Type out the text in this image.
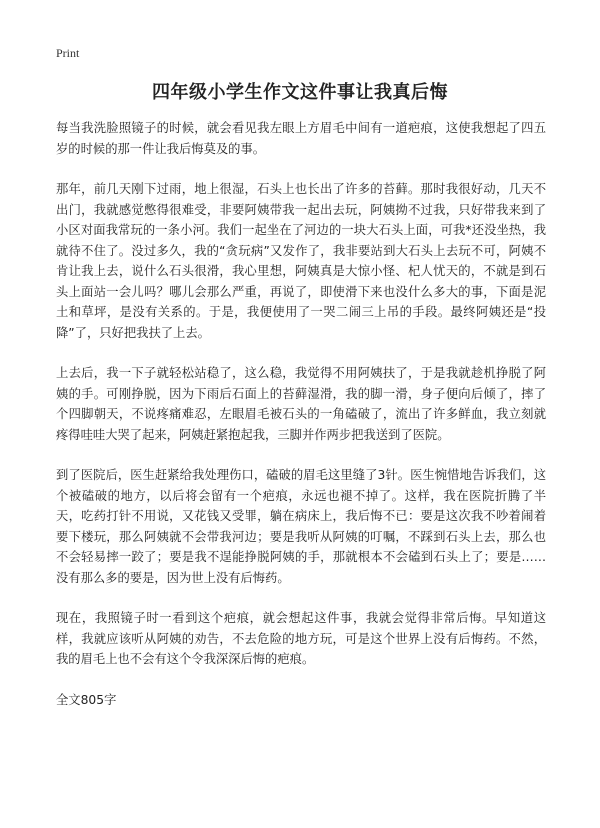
Print
四年级小学生作文这件事让我真后悔

每当我洗脸照镜子的时候，就会看见我左眼上方眉毛中间有一道疤痕，这使我想起了四五岁的时候的那一件让我后悔莫及的事。

那年，前几天刚下过雨，地上很湿，石头上也长出了许多的苔藓。那时我很好动，几天不出门，我就感觉憋得很难受，非要阿姨带我一起出去玩，阿姨拗不过我，只好带我来到了小区对面我常玩的一条小河。我们一起坐在了河边的一块大石头上面，可我*还没坐热，我就待不住了。没过多久，我的“贪玩病”又发作了，我非要站到大石头上去玩不可，阿姨不肯让我上去，说什么石头很滑，我心里想，阿姨真是大惊小怪、杞人忧天的，不就是到石头上面站一会儿吗？哪儿会那么严重，再说了，即使滑下来也没什么多大的事，下面是泥土和草坪，是没有关系的。于是，我便使用了一哭二闹三上吊的手段。最终阿姨还是“投降”了，只好把我扶了上去。

上去后，我一下子就轻松站稳了，这么稳，我觉得不用阿姨扶了，于是我就趁机挣脱了阿姨的手。可刚挣脱，因为下雨后石面上的苔藓湿滑，我的脚一滑，身子便向后倾了，摔了个四脚朝天，不说疼痛难忍，左眼眉毛被石头的一角磕破了，流出了许多鲜血，我立刻就疼得哇哇大哭了起来，阿姨赶紧抱起我，三脚并作两步把我送到了医院。

到了医院后，医生赶紧给我处理伤口，磕破的眉毛这里缝了3针。医生惋惜地告诉我们，这个被磕破的地方，以后将会留有一个疤痕，永远也褪不掉了。这样，我在医院折腾了半天，吃药打针不用说，又花钱又受罪，躺在病床上，我后悔不已：要是这次我不吵着闹着要下楼玩，那么阿姨就不会带我河边；要是我听从阿姨的叮嘱，不踩到石头上去，那么也不会轻易摔一跤了；要是我不逞能挣脱阿姨的手，那就根本不会磕到石头上了；要是……没有那么多的要是，因为世上没有后悔药。

现在，我照镜子时一看到这个疤痕，就会想起这件事，我就会觉得非常后悔。早知道这样，我就应该听从阿姨的劝告，不去危险的地方玩，可是这个世界上没有后悔药。不然，我的眉毛上也不会有这个令我深深后悔的疤痕。

全文805字
